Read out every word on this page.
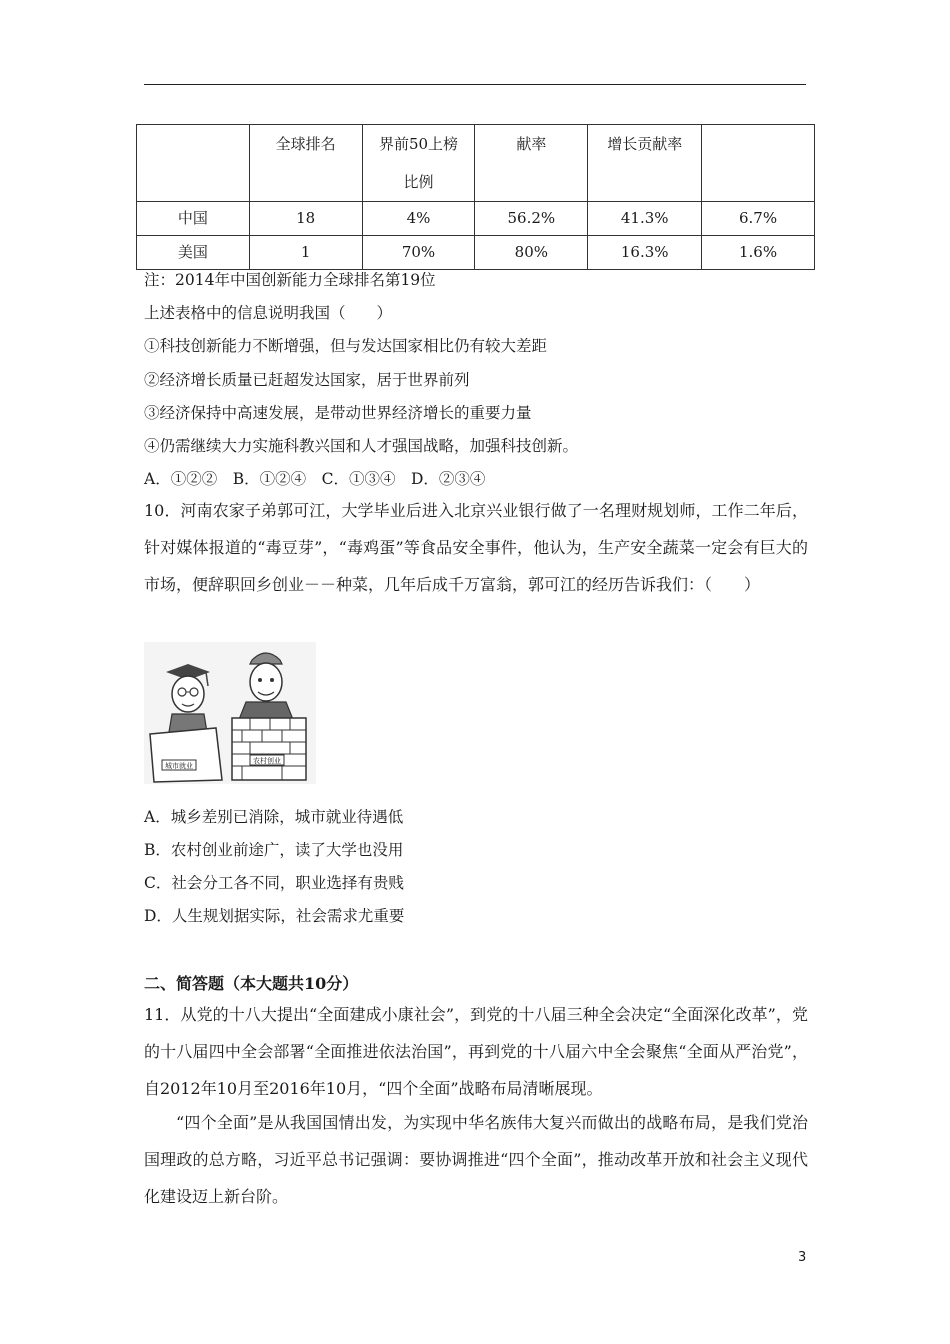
	全球排名	界前50上榜比例	献率	增长贡献率	
中国	18	4%	56.2%	41.3%	6.7%
美国	1	70%	80%	16.3%	1.6%
注：2014年中国创新能力全球排名第19位
上述表格中的信息说明我国（　　）
①科技创新能力不断增强，但与发达国家相比仍有较大差距
②经济增长质量已赶超发达国家，居于世界前列
③经济保持中高速发展，是带动世界经济增长的重要力量
④仍需继续大力实施科教兴国和人才强国战略，加强科技创新。
A．①②②　B．①②④　C．①③④　D．②③④
10．河南农家子弟郭可江，大学毕业后进入北京兴业银行做了一名理财规划师，工作二年后，针对媒体报道的“毒豆芽”，“毒鸡蛋”等食品安全事件，他认为，生产安全蔬菜一定会有巨大的市场，便辞职回乡创业－－种菜，几年后成千万富翁，郭可江的经历告诉我们：（　　）
城市就业
农村创业
A．城乡差别已消除，城市就业待遇低
B．农村创业前途广，读了大学也没用
C．社会分工各不同，职业选择有贵贱
D．人生规划据实际，社会需求尤重要
二、简答题（本大题共10分）
11．从党的十八大提出“全面建成小康社会”，到党的十八届三种全会决定“全面深化改革”，党的十八届四中全会部署“全面推进依法治国”，再到党的十八届六中全会聚焦“全面从严治党”，自2012年10月至2016年10月，“四个全面”战略布局清晰展现。
“四个全面”是从我国国情出发，为实现中华名族伟大复兴而做出的战略布局，是我们党治国理政的总方略，习近平总书记强调：要协调推进“四个全面”，推动改革开放和社会主义现代化建设迈上新台阶。
3
